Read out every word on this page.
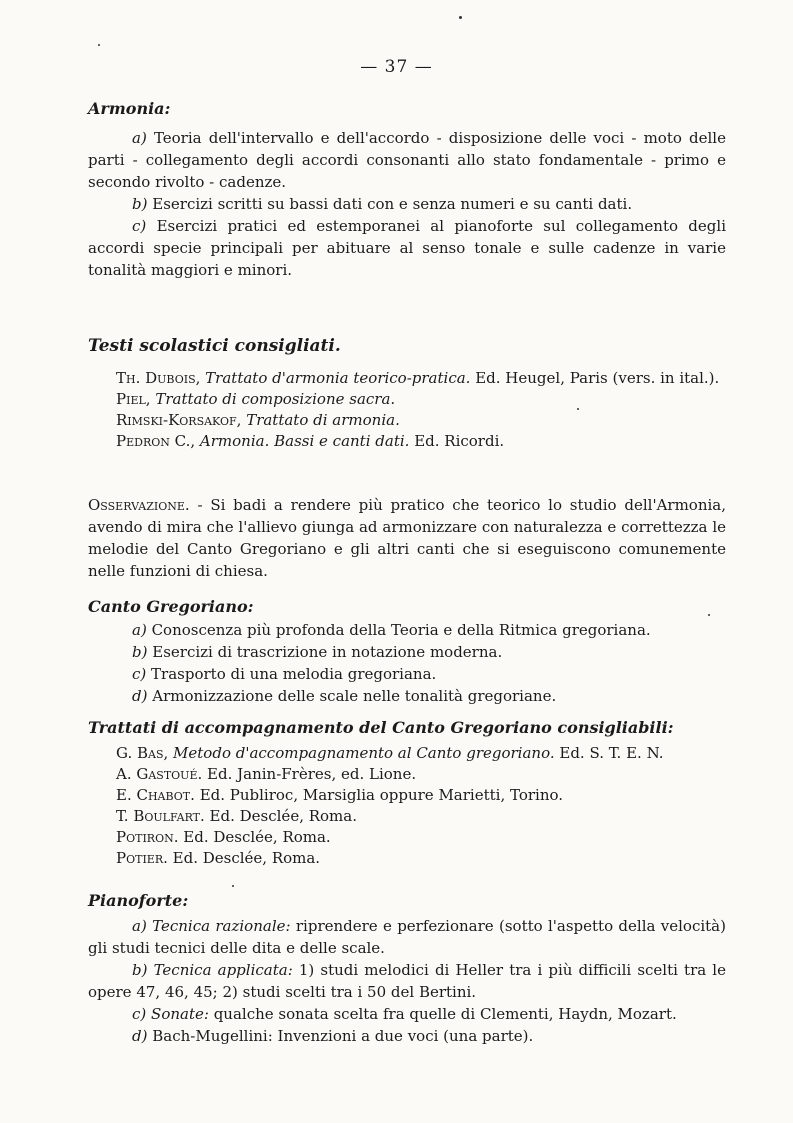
— 37 —
Armonia:
a) Teoria dell'intervallo e dell'accordo - disposizione delle voci - moto delle parti - collegamento degli accordi consonanti allo stato fondamentale - primo e secondo rivolto - cadenze.
b) Esercizi scritti su bassi dati con e senza numeri e su canti dati.
c) Esercizi pratici ed estemporanei al pianoforte sul collegamento degli accordi specie principali per abituare al senso tonale e sulle cadenze in varie tonalità maggiori e minori.
Testi scolastici consigliati.
Th. Dubois, Trattato d'armonia teorico-pratica. Ed. Heugel, Paris (vers. in ital.).
Piel, Trattato di composizione sacra.
Rimski-Korsakof, Trattato di armonia.
Pedron C., Armonia. Bassi e canti dati. Ed. Ricordi.
Osservazione. - Si badi a rendere più pratico che teorico lo studio dell'Armonia, avendo di mira che l'allievo giunga ad armonizzare con naturalezza e correttezza le melodie del Canto Gregoriano e gli altri canti che si eseguiscono comunemente nelle funzioni di chiesa.
Canto Gregoriano:
a) Conoscenza più profonda della Teoria e della Ritmica gregoriana.
b) Esercizi di trascrizione in notazione moderna.
c) Trasporto di una melodia gregoriana.
d) Armonizzazione delle scale nelle tonalità gregoriane.
Trattati di accompagnamento del Canto Gregoriano consigliabili:
G. Bas, Metodo d'accompagnamento al Canto gregoriano. Ed. S. T. E. N.
A. Gastoué. Ed. Janin-Frères, ed. Lione.
E. Chabot. Ed. Publiroc, Marsiglia oppure Marietti, Torino.
T. Boulfart. Ed. Desclée, Roma.
Potiron. Ed. Desclée, Roma.
Potier. Ed. Desclée, Roma.
Pianoforte:
a) Tecnica razionale: riprendere e perfezionare (sotto l'aspetto della velocità) gli studi tecnici delle dita e delle scale.
b) Tecnica applicata: 1) studi melodici di Heller tra i più difficili scelti tra le opere 47, 46, 45; 2) studi scelti tra i 50 del Bertini.
c) Sonate: qualche sonata scelta fra quelle di Clementi, Haydn, Mozart.
d) Bach-Mugellini: Invenzioni a due voci (una parte).
